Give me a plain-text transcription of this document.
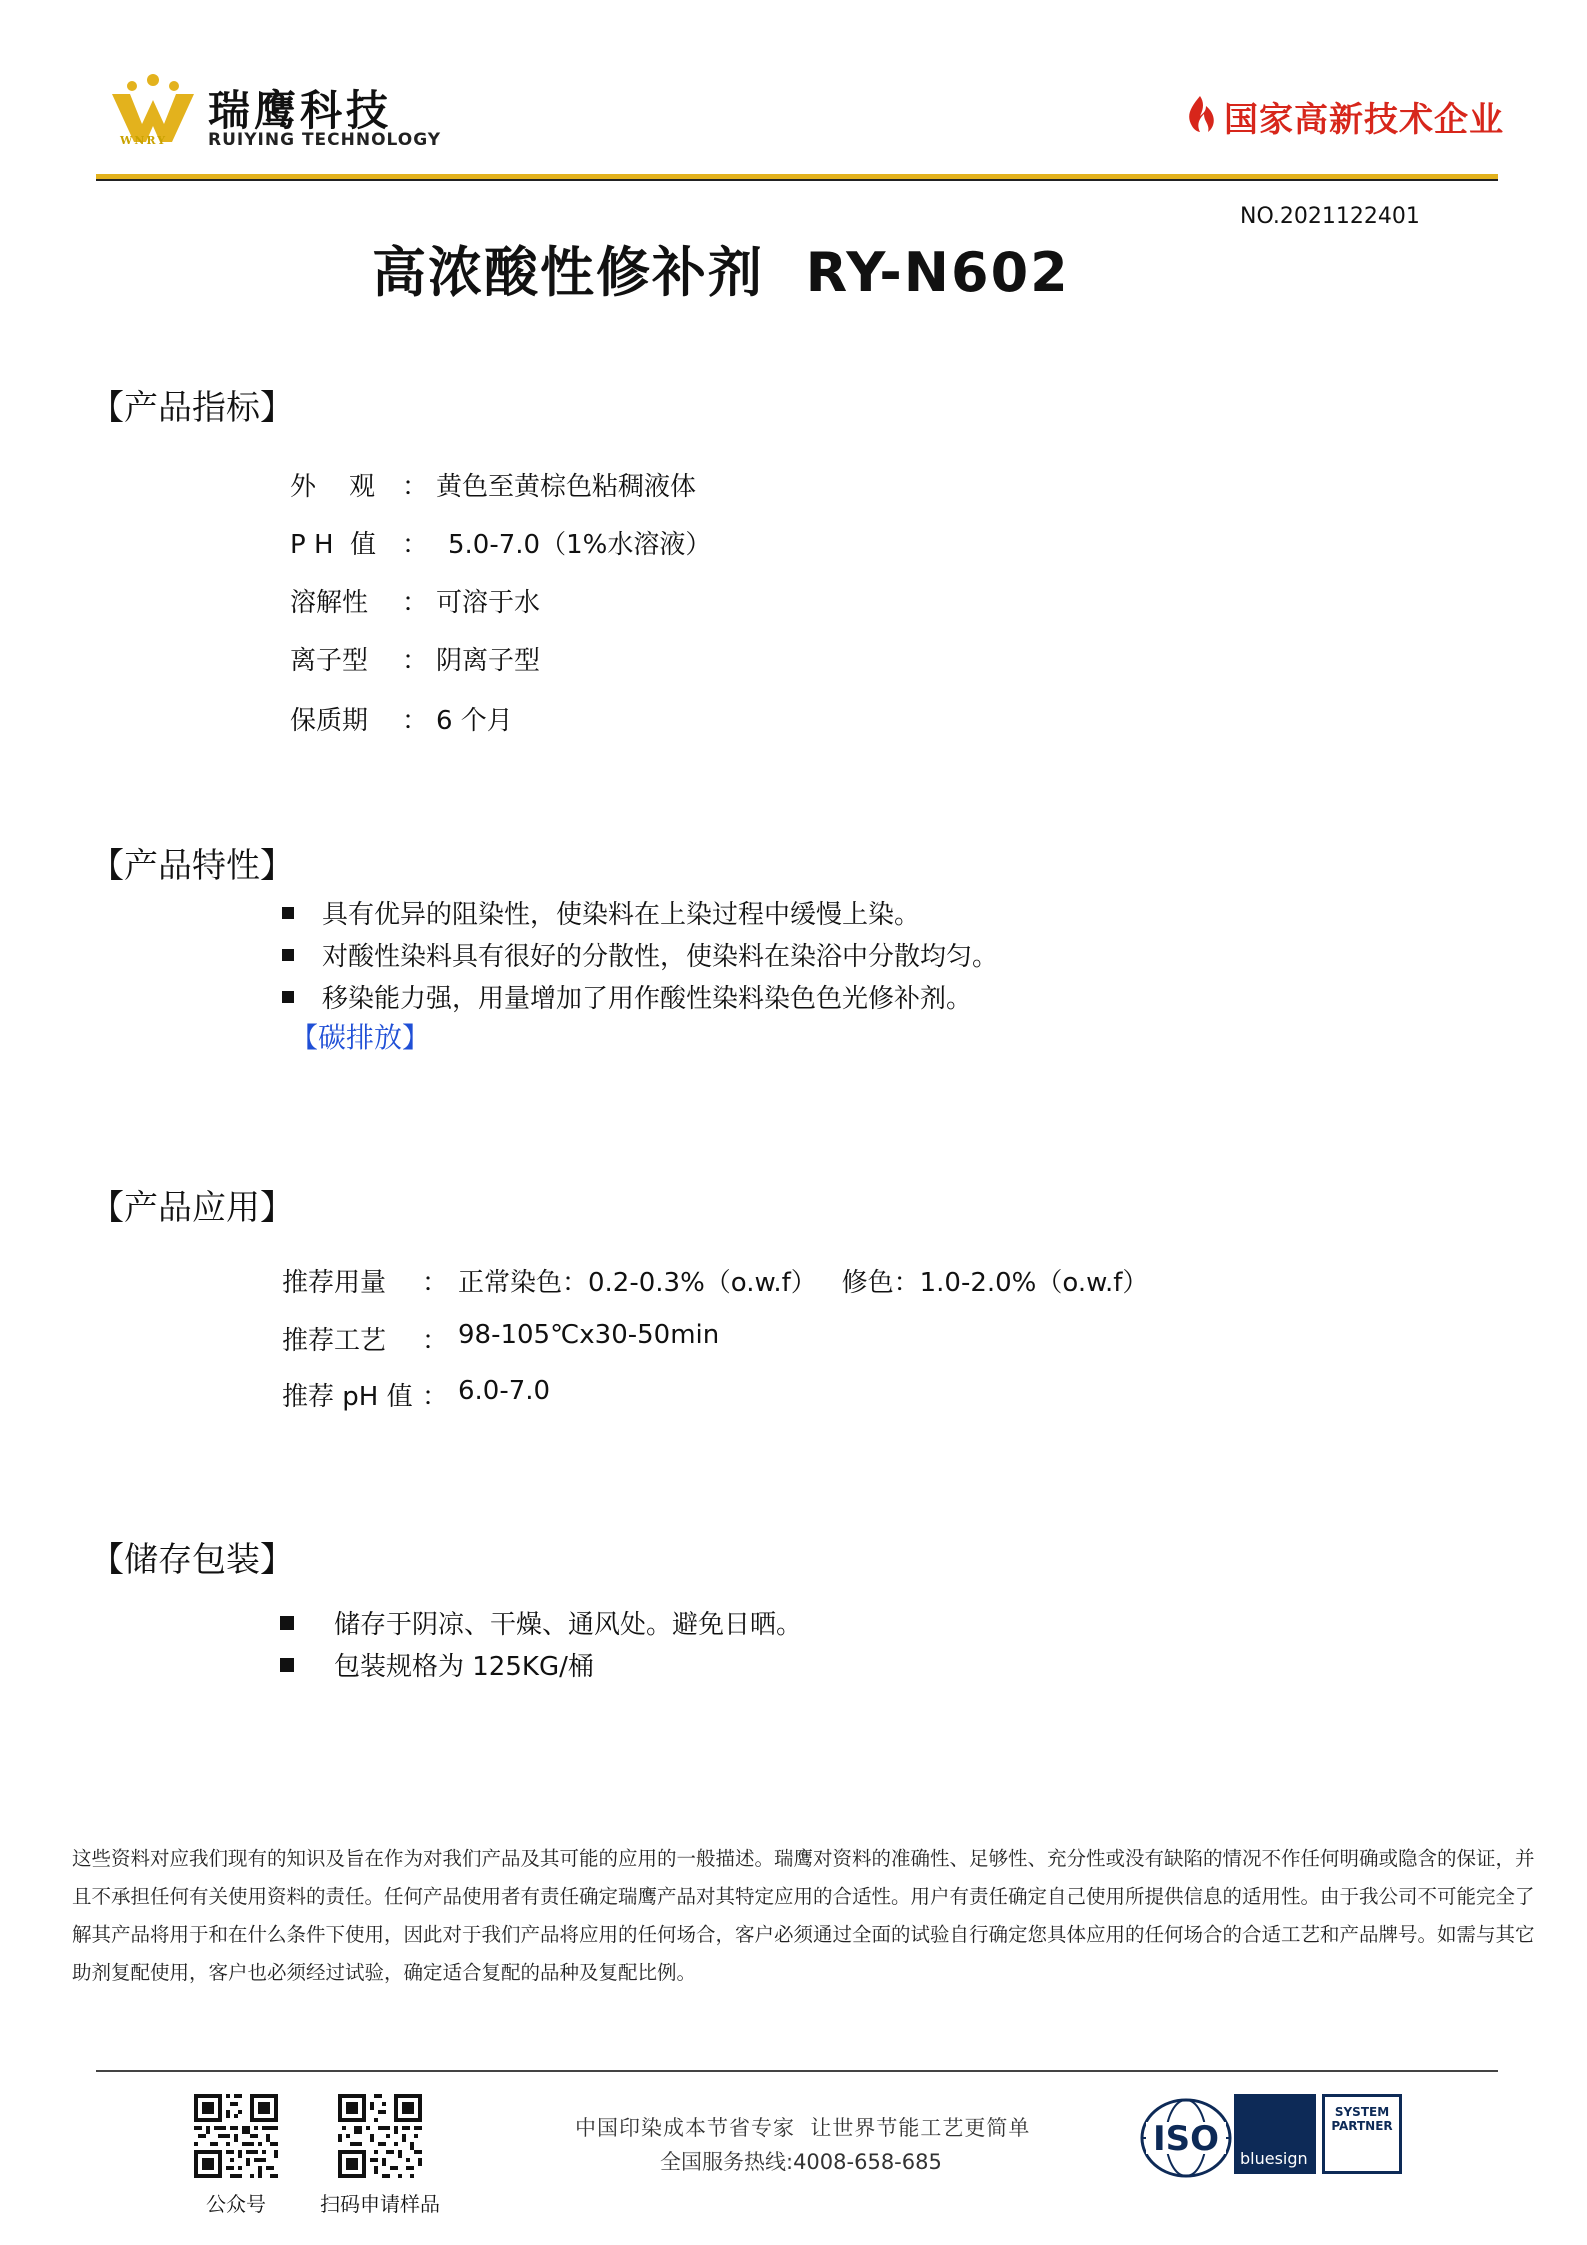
瑞鹰科技
RUIYING TECHNOLOGY
WNRY
国家高新技术企业
NO.2021122401
高浓酸性修补剂  RY-N602
【产品指标】
外    观 ： 黄色至黄棕色粘稠液体
P H  值 ： 5.0-7.0（1%水溶液）
溶解性 ： 可溶于水
离子型 ： 阴离子型
保质期 ： 6 个月
【产品特性】
具有优异的阻染性，使染料在上染过程中缓慢上染。
对酸性染料具有很好的分散性，使染料在染浴中分散均匀。
移染能力强，用量增加了用作酸性染料染色色光修补剂。
【碳排放】
【产品应用】
推荐用量 ： 正常染色：0.2-0.3%（o.w.f）   修色：1.0-2.0%（o.w.f）
推荐工艺 ： 98-105℃x30-50min
推荐 pH 值 ： 6.0-7.0
【储存包装】
储存于阴凉、干燥、通风处。避免日晒。
包装规格为 125KG/桶
这些资料对应我们现有的知识及旨在作为对我们产品及其可能的应用的一般描述。瑞鹰对资料的准确性、足够性、充分性或没有缺陷的情况不作任何明确或隐含的保证，并且不承担任何有关使用资料的责任。任何产品使用者有责任确定瑞鹰产品对其特定应用的合适性。用户有责任确定自己使用所提供信息的适用性。由于我公司不可能完全了解其产品将用于和在什么条件下使用，因此对于我们产品将应用的任何场合，客户必须通过全面的试验自行确定您具体应用的任何场合的合适工艺和产品牌号。如需与其它助剂复配使用，客户也必须经过试验，确定适合复配的品种及复配比例。
公众号	扫码申请样品
中国印染成本节省专家  让世界节能工艺更简单
全国服务热线:4008-658-685
ISO bluesign
SYSTEM PARTNER
